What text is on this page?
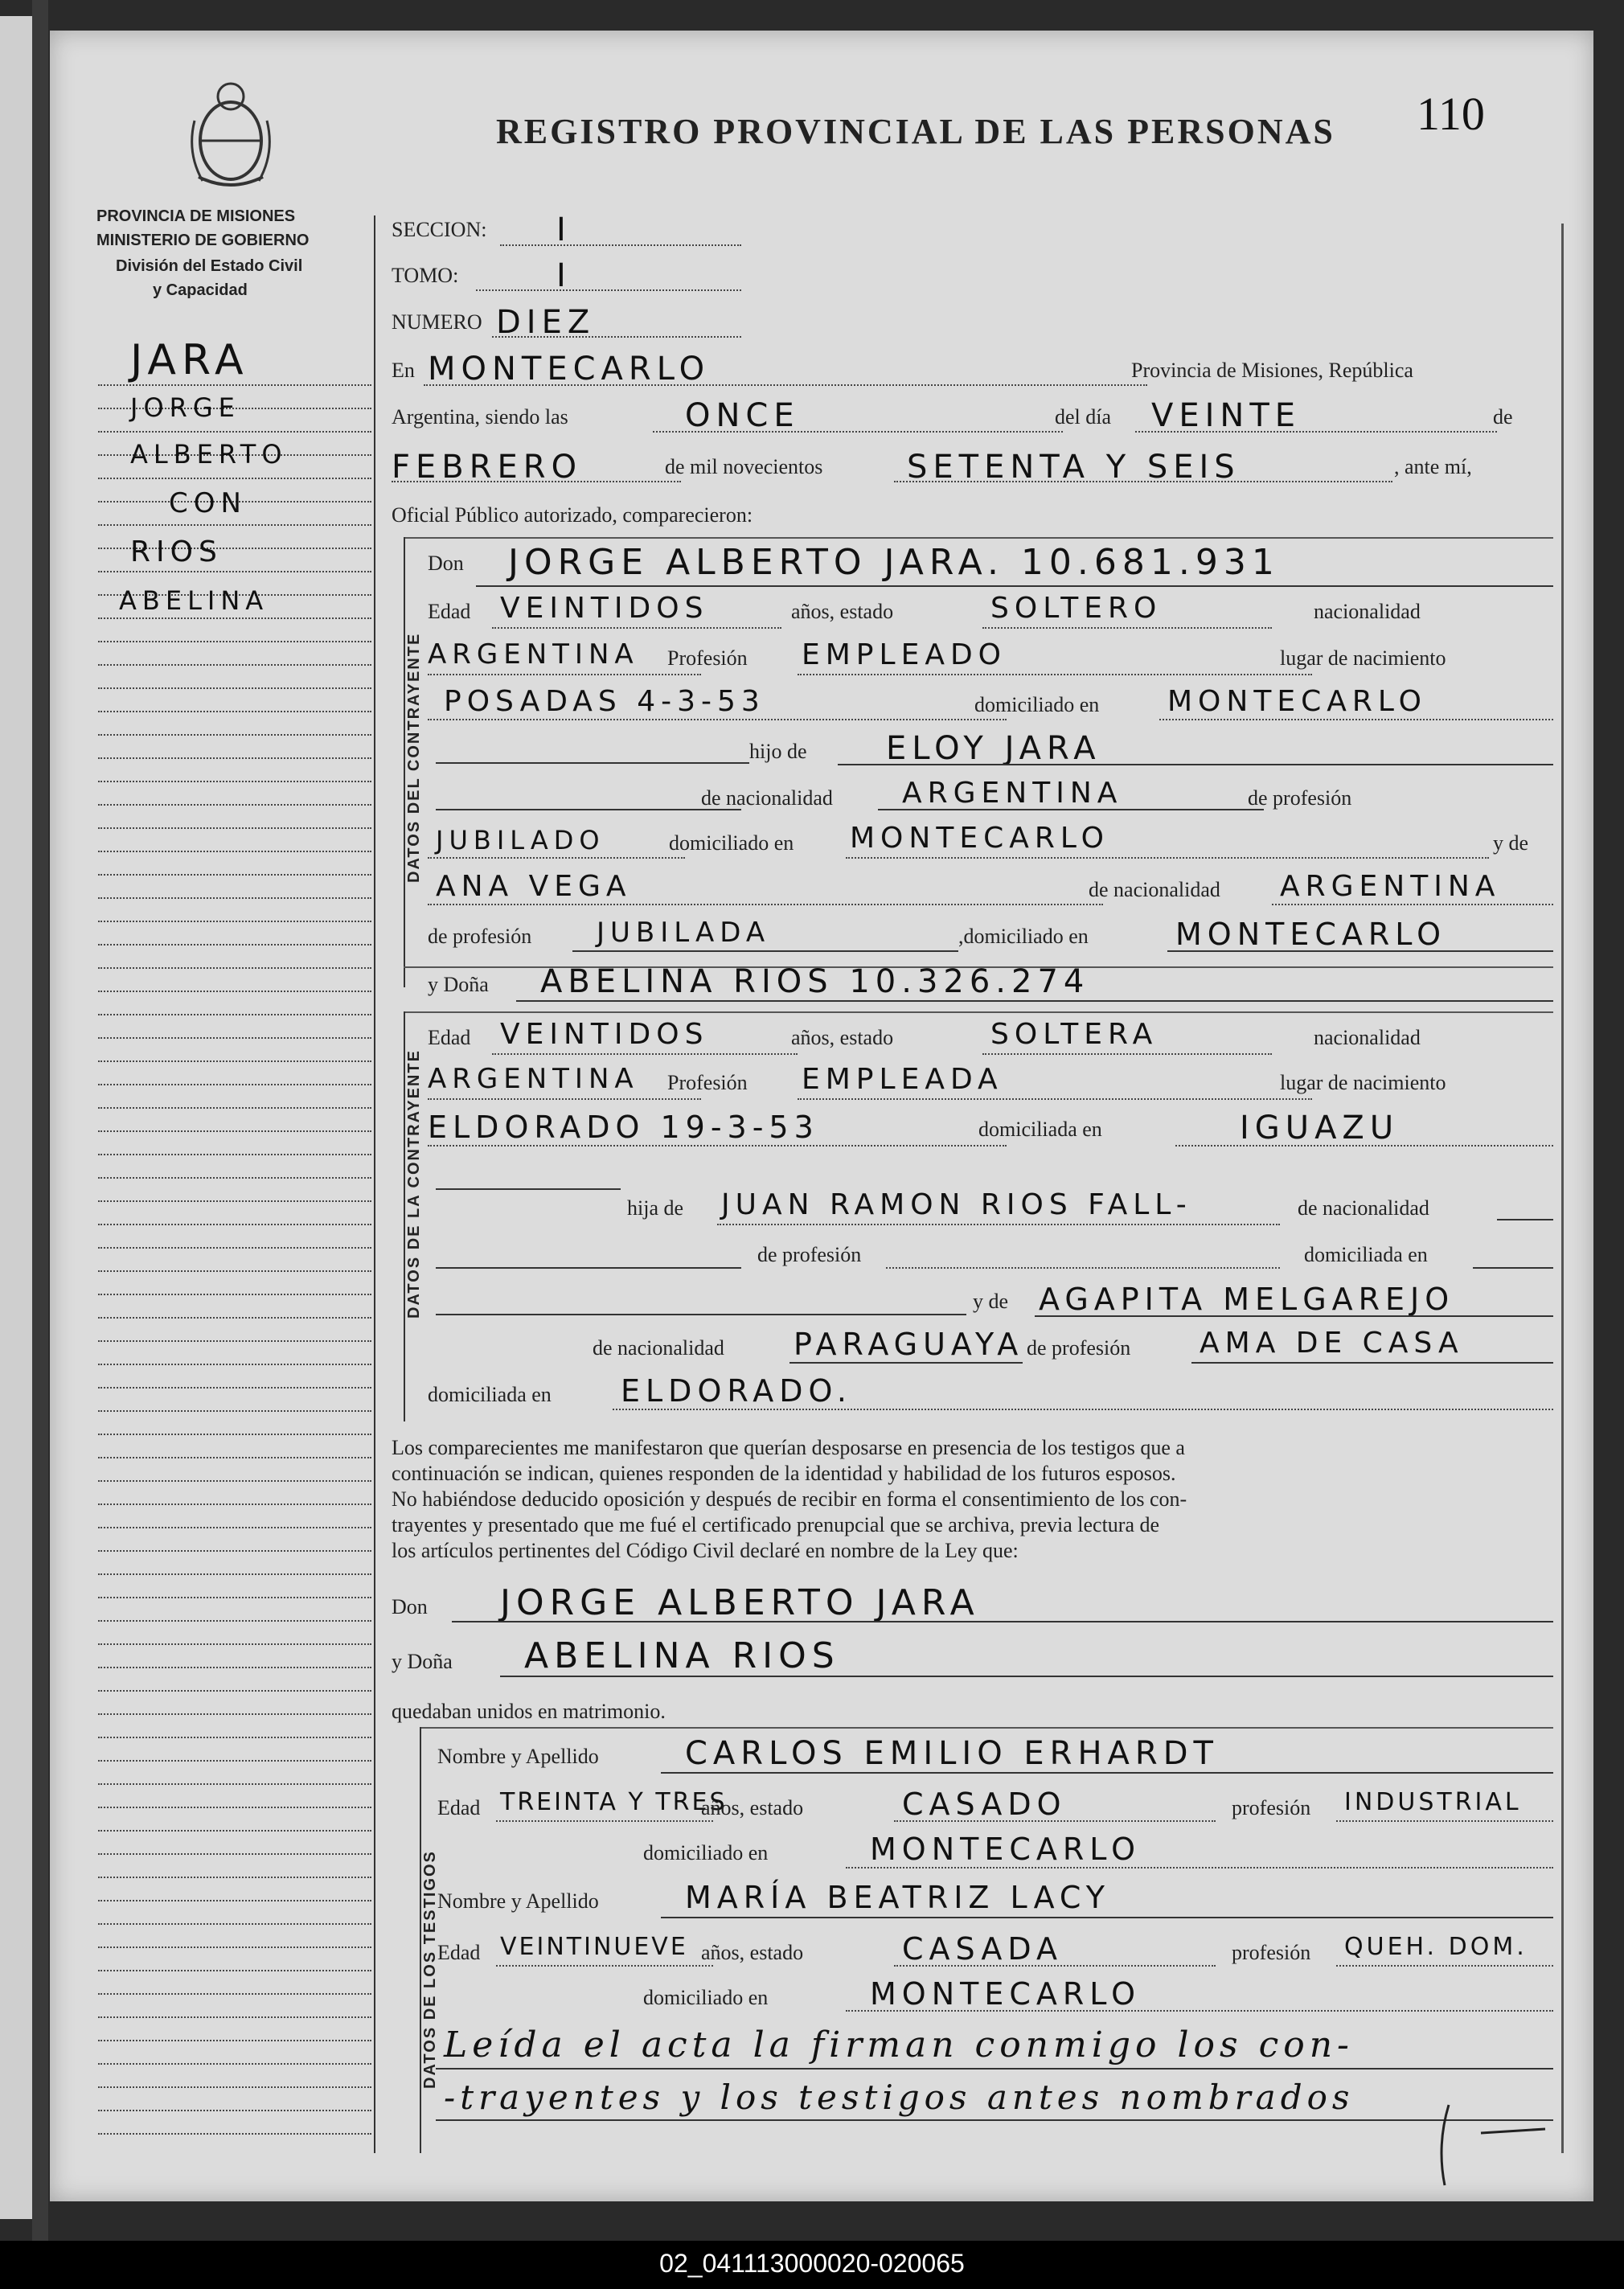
REGISTRO PROVINCIAL DE LAS PERSONAS 110
PROVINCIA DE MISIONES
MINISTERIO DE GOBIERNO
División del Estado Civil
y Capacidad
JARA
JORGE
ALBERTO
CON
RIOS
ABELINA
SECCION: I
TOMO:	I
NUMERO DIEZ
En MONTECARLO	Provincia de Misiones, República
Argentina, siendo las	ONCE	del día VEINTE	de
FEBRERO	de mil novecientos	SETENTA Y SEIS	, ante mí,
Oficial Público autorizado, comparecieron:
DATOS DEL CONTRAYENTE
Don JORGE ALBERTO JARA. 10.681.931
Edad VEINTIDOS	años, estado	SOLTERO	nacionalidad
ARGENTINA Profesión EMPLEADO	lugar de nacimiento
POSADAS 4-3-53	domiciliado en MONTECARLO
hijo de ELOY JARA
de nacionalidad ARGENTINA	de profesión
JUBILADO	domiciliado en MONTECARLO	y de
ANA VEGA	de nacionalidad ARGENTINA
de profesión JUBILADA	,domiciliado en	MONTECARLO
y Doña ABELINA RIOS 10.326.274
DATOS DE LA CONTRAYENTE
Edad VEINTIDOS	años, estado	SOLTERA	nacionalidad
ARGENTINA Profesión EMPLEADA	lugar de nacimiento
ELDORADO 19-3-53	domiciliada en	IGUAZU
hija de JUAN RAMON RIOS FALL-	de nacionalidad
de profesión	domiciliada en
y de AGAPITA MELGAREJO
de nacionalidad PARAGUAYA de profesión AMA DE CASA
domiciliada en ELDORADO.
Los comparecientes me manifestaron que querían desposarse en presencia de los testigos que a
continuación se indican, quienes responden de la identidad y habilidad de los futuros esposos.
No habiéndose deducido oposición y después de recibir en forma el consentimiento de los con-
trayentes y presentado que me fué el certificado prenupcial que se archiva, previa lectura de
los artículos pertinentes del Código Civil declaré en nombre de la Ley que:
Don JORGE ALBERTO JARA
y Doña ABELINA RIOS
quedaban unidos en matrimonio.
DATOS DE LOS TESTIGOS
Nombre y Apellido	CARLOS EMILIO ERHARDT
Edad TREINTA Y TRES
años, estado	CASADO	profesión INDUSTRIAL
domiciliado en	MONTECARLO
Nombre y Apellido	MARÍA BEATRIZ LACY
Edad VEINTINUEVE años, estado	CASADA	profesión QUEH. DOM.
domiciliado en	MONTECARLO
Leída el acta la firman conmigo los con-
-trayentes y los testigos antes nombrados
02_041113000020-020065
